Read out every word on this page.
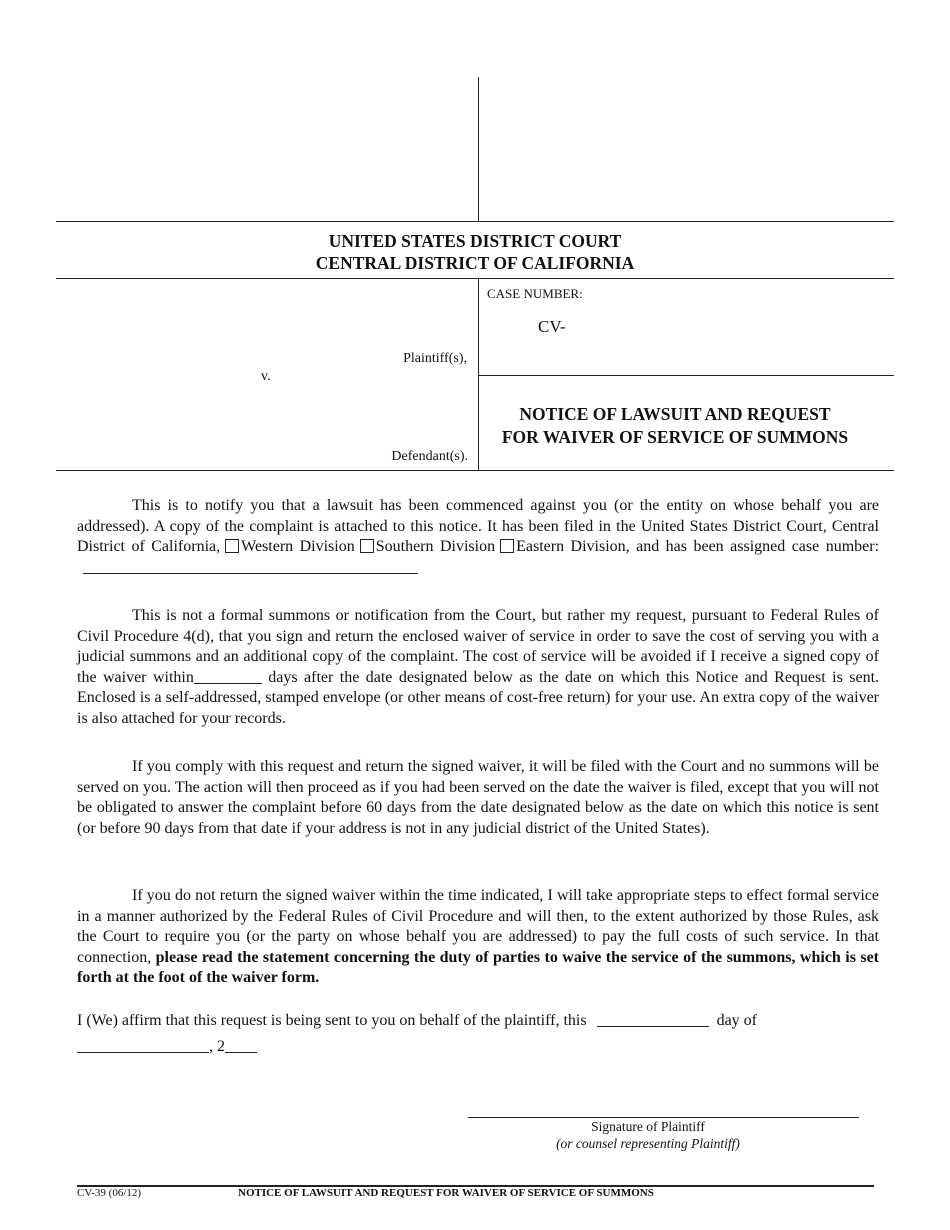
UNITED STATES DISTRICT COURT
CENTRAL DISTRICT OF CALIFORNIA
Plaintiff(s),
v.
Defendant(s).
CASE NUMBER:
CV-
NOTICE OF LAWSUIT AND REQUEST
FOR WAIVER OF SERVICE OF SUMMONS
This is to notify you that a lawsuit has been commenced against you (or the entity on whose behalf you are addressed). A copy of the complaint is attached to this notice. It has been filed in the United States District Court, Central District of California, Western Division Southern Division Eastern Division, and has been assigned case number:
This is not a formal summons or notification from the Court, but rather my request, pursuant to Federal Rules of Civil Procedure 4(d), that you sign and return the enclosed waiver of service in order to save the cost of serving you with a judicial summons and an additional copy of the complaint. The cost of service will be avoided if I receive a signed copy of the waiver within	days after the date designated below as the date on which this Notice and Request is sent. Enclosed is a self-addressed, stamped envelope (or other means of cost-free return) for your use. An extra copy of the waiver is also attached for your records.
If you comply with this request and return the signed waiver, it will be filed with the Court and no summons will be served on you. The action will then proceed as if you had been served on the date the waiver is filed, except that you will not be obligated to answer the complaint before 60 days from the date designated below as the date on which this notice is sent (or before 90 days from that date if your address is not in any judicial district of the United States).
If you do not return the signed waiver within the time indicated, I will take appropriate steps to effect formal service in a manner authorized by the Federal Rules of Civil Procedure and will then, to the extent authorized by those Rules, ask the Court to require you (or the party on whose behalf you are addressed) to pay the full costs of such service. In that connection, please read the statement concerning the duty of parties to waive the service of the summons, which is set forth at the foot of the waiver form.
I (We) affirm that this request is being sent to you on behalf of the plaintiff, this	day of
, 2
Signature of Plaintiff
(or counsel representing Plaintiff)
CV-39 (06/12)	NOTICE OF LAWSUIT AND REQUEST FOR WAIVER OF SERVICE OF SUMMONS
